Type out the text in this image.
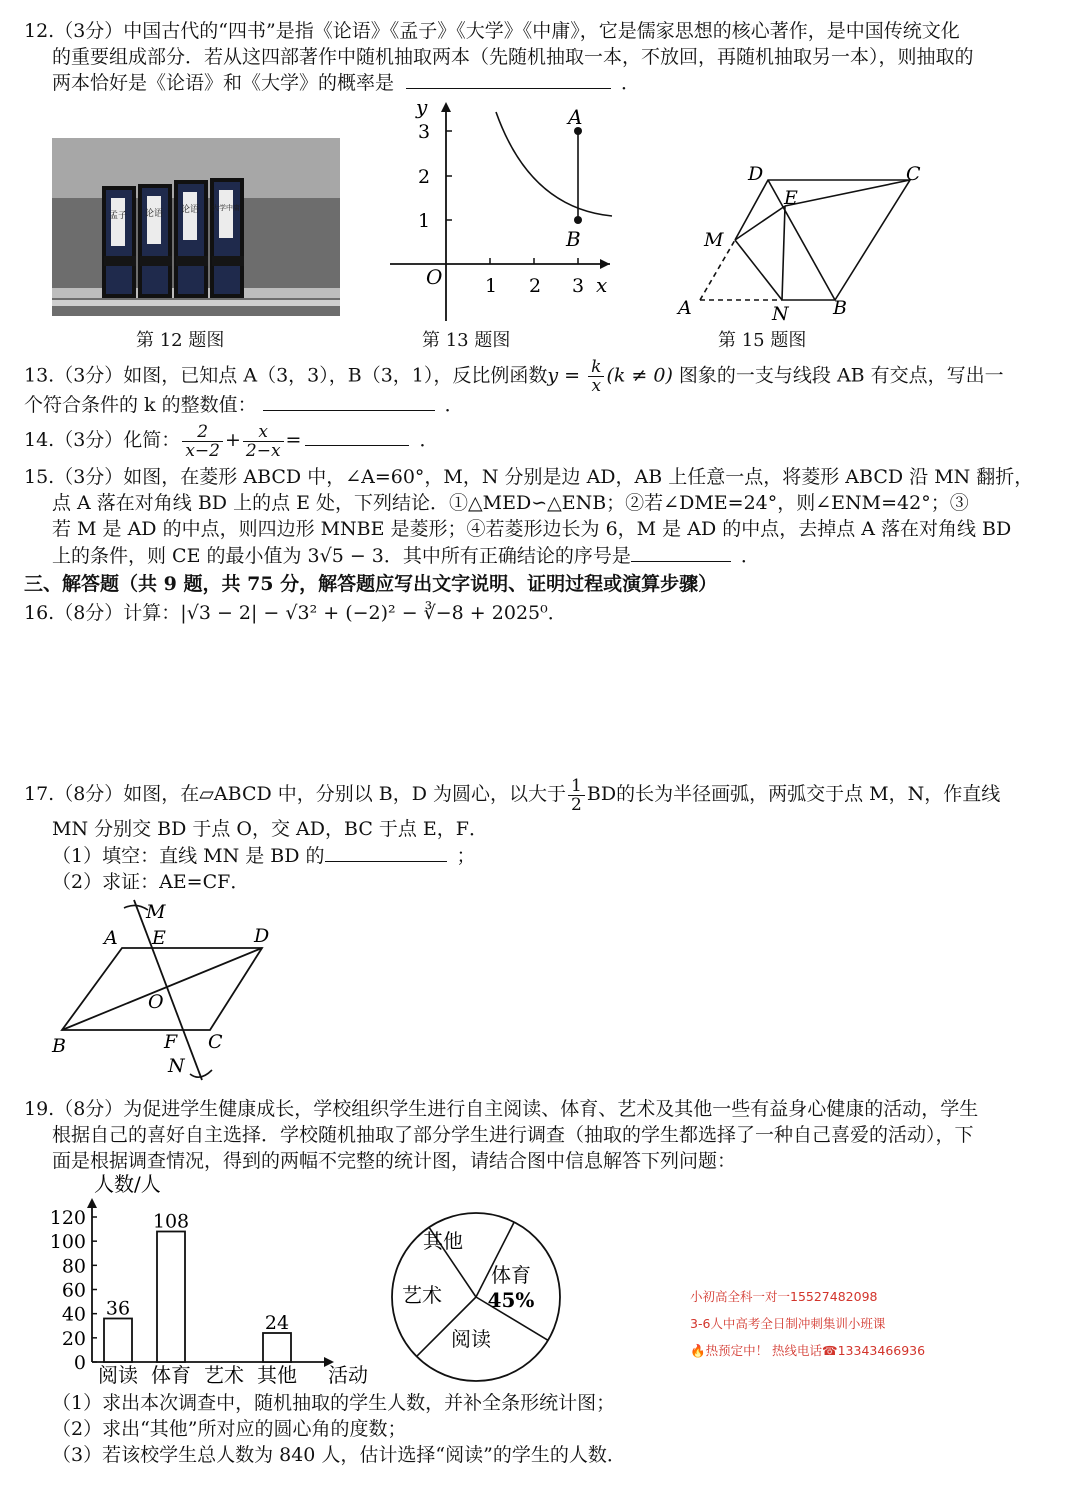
12.（3分）中国古代的“四书”是指《论语》《孟子》《大学》《中庸》，它是儒家思想的核心著作，是中国传统文化
的重要组成部分．若从这四部著作中随机抽取两本（先随机抽取一本，不放回，再随机抽取另一本），则抽取的
两本恰好是《论语》和《大学》的概率是	．
孟子 论语 论语 大学中庸
第 12 题图
y
x
O
A
B
3
2
1
1 2 3
第 13 题图
D	C
E
M
A	N B
第 15 题图
13.（3分）如图，已知点 A（3，3），B（3，1），反比例函数$y = \frac{k}{x} (k \ne 0)$ 图象的一支与线段 AB 有交点，写出一
个符合条件的 k 的整数值：	．
14.（3分）化简： $\frac{2}{x-2} + \frac{x}{2-x}$ =	．
15.（3分）如图，在菱形 ABCD 中，∠A=60°，M，N 分别是边 AD，AB 上任意一点，将菱形 ABCD 沿 MN 翻折，
点 A 落在对角线 BD 上的点 E 处，下列结论．①△MED∽△ENB；②若∠DME=24°，则∠ENM=42°；③
若 M 是 AD 的中点，则四边形 MNBE 是菱形；④若菱形边长为 6，M 是 AD 的中点，去掉点 A 落在对角线 BD
上的条件，则 CE 的最小值为 3√5 − 3．其中所有正确结论的序号是	．
三、解答题（共 9 题，共 75 分，解答题应写出文字说明、证明过程或演算步骤）
16.（8分）计算：|√3 − 2| − √3² + (−2)² − ∛−8 + 2025⁰．
17.（8分）如图，在▱ABCD 中，分别以 B，D 为圆心，以大于 $\frac{1}{2}$ BD的长为半径画弧，两弧交于点 M，N，作直线
MN 分别交 BD 于点 O，交 AD，BC 于点 E，F．
（1）填空：直线 MN 是 BD 的	；
（2）求证：AE=CF．
M
A E	D
O
B	F C
N
19.（8分）为促进学生健康成长，学校组织学生进行自主阅读、体育、艺术及其他一些有益身心健康的活动，学生
根据自己的喜好自主选择．学校随机抽取了部分学生进行调查（抽取的学生都选择了一种自己喜爱的活动），下
面是根据调查情况，得到的两幅不完整的统计图，请结合图中信息解答下列问题：
0
20
40
60
80
100
120
36
108
24
阅读 体育 艺术 其他
人数/人
活动
其他
体育
45%
阅读
艺术
（1）求出本次调查中，随机抽取的学生人数，并补全条形统计图；
（2）求出“其他”所对应的圆心角的度数；
（3）若该校学生总人数为 840 人，估计选择“阅读”的学生的人数．
小初高全科一对一15527482098
3-6人中高考全日制冲刺集训小班课
🔥热预定中！ 热线电话☎13343466936
